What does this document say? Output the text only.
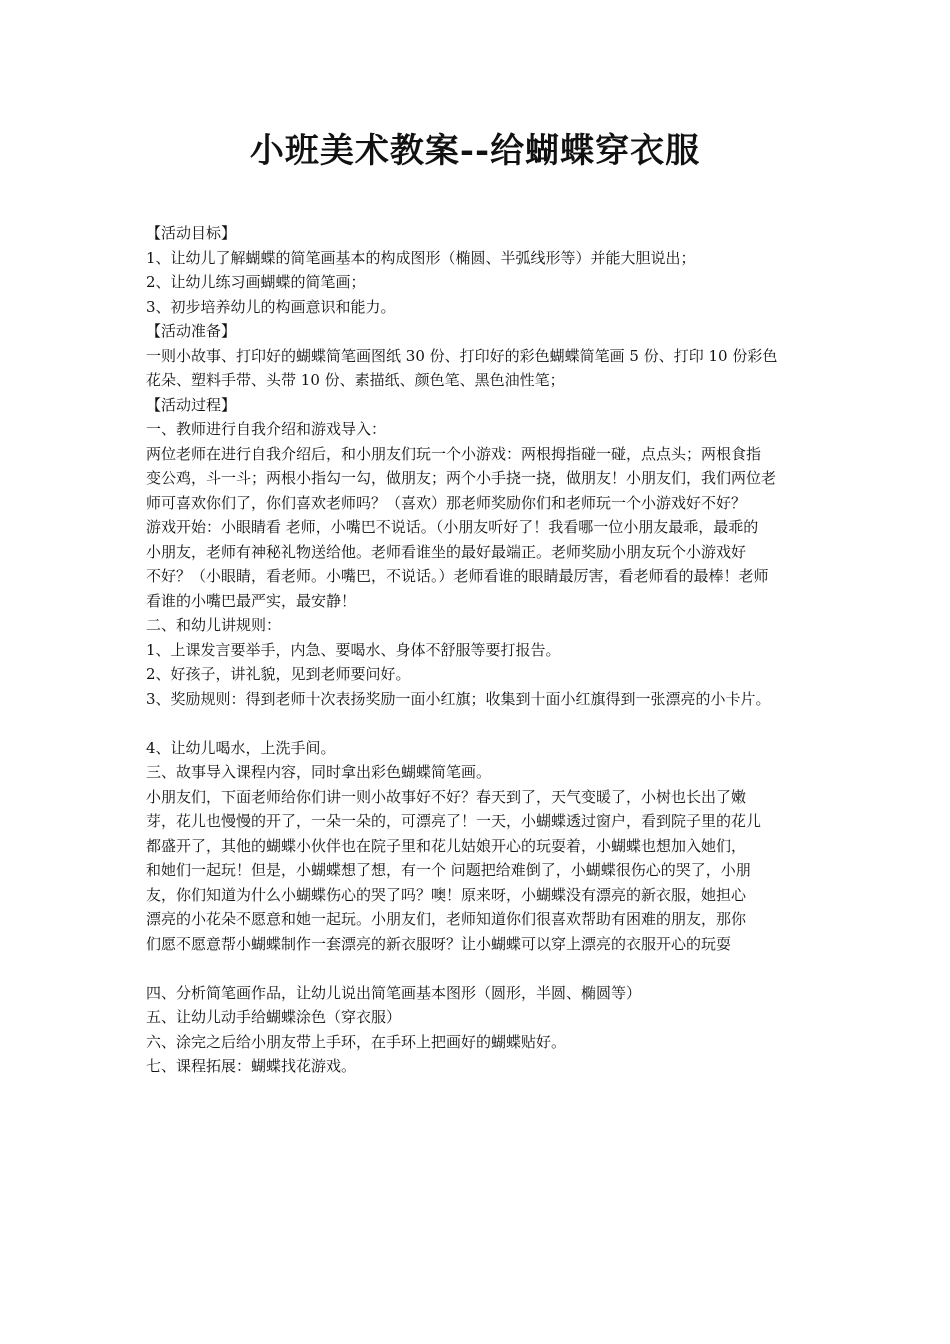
小班美术教案--给蝴蝶穿衣服
【活动目标】
1、让幼儿了解蝴蝶的简笔画基本的构成图形（椭圆、半弧线形等）并能大胆说出；
2、让幼儿练习画蝴蝶的简笔画；
3、初步培养幼儿的构画意识和能力。
【活动准备】
一则小故事、打印好的蝴蝶简笔画图纸 30 份、打印好的彩色蝴蝶简笔画 5 份、打印 10 份彩色
花朵、塑料手带、头带 10 份、素描纸、颜色笔、黑色油性笔；
【活动过程】
一、教师进行自我介绍和游戏导入：
两位老师在进行自我介绍后，和小朋友们玩一个小游戏：两根拇指碰一碰，点点头；两根食指
变公鸡，斗一斗；两根小指勾一勾，做朋友；两个小手挠一挠，做朋友！小朋友们，我们两位老
师可喜欢你们了，你们喜欢老师吗？（喜欢）那老师奖励你们和老师玩一个小游戏好不好？
游戏开始：小眼睛看 老师，小嘴巴不说话。（小朋友听好了！我看哪一位小朋友最乖，最乖的
小朋友，老师有神秘礼物送给他。老师看谁坐的最好最端正。老师奖励小朋友玩个小游戏好
不好？（小眼睛，看老师。小嘴巴，不说话。）老师看谁的眼睛最厉害，看老师看的最棒！老师
看谁的小嘴巴最严实，最安静！
二、和幼儿讲规则：
1、上课发言要举手，内急、要喝水、身体不舒服等要打报告。
2、好孩子，讲礼貌，见到老师要问好。
3、奖励规则：得到老师十次表扬奖励一面小红旗；收集到十面小红旗得到一张漂亮的小卡片。
4、让幼儿喝水，上洗手间。
三、故事导入课程内容，同时拿出彩色蝴蝶简笔画。
小朋友们，下面老师给你们讲一则小故事好不好？春天到了，天气变暖了，小树也长出了嫩
芽，花儿也慢慢的开了，一朵一朵的，可漂亮了！一天，小蝴蝶透过窗户，看到院子里的花儿
都盛开了，其他的蝴蝶小伙伴也在院子里和花儿姑娘开心的玩耍着，小蝴蝶也想加入她们，
和她们一起玩！但是，小蝴蝶想了想，有一个 问题把给难倒了，小蝴蝶很伤心的哭了，小朋
友，你们知道为什么小蝴蝶伤心的哭了吗？噢！原来呀，小蝴蝶没有漂亮的新衣服，她担心
漂亮的小花朵不愿意和她一起玩。小朋友们，老师知道你们很喜欢帮助有困难的朋友，那你
们愿不愿意帮小蝴蝶制作一套漂亮的新衣服呀？让小蝴蝶可以穿上漂亮的衣服开心的玩耍
四、分析简笔画作品，让幼儿说出简笔画基本图形（圆形，半圆、椭圆等）
五、让幼儿动手给蝴蝶涂色（穿衣服）
六、涂完之后给小朋友带上手环，在手环上把画好的蝴蝶贴好。
七、课程拓展：蝴蝶找花游戏。
